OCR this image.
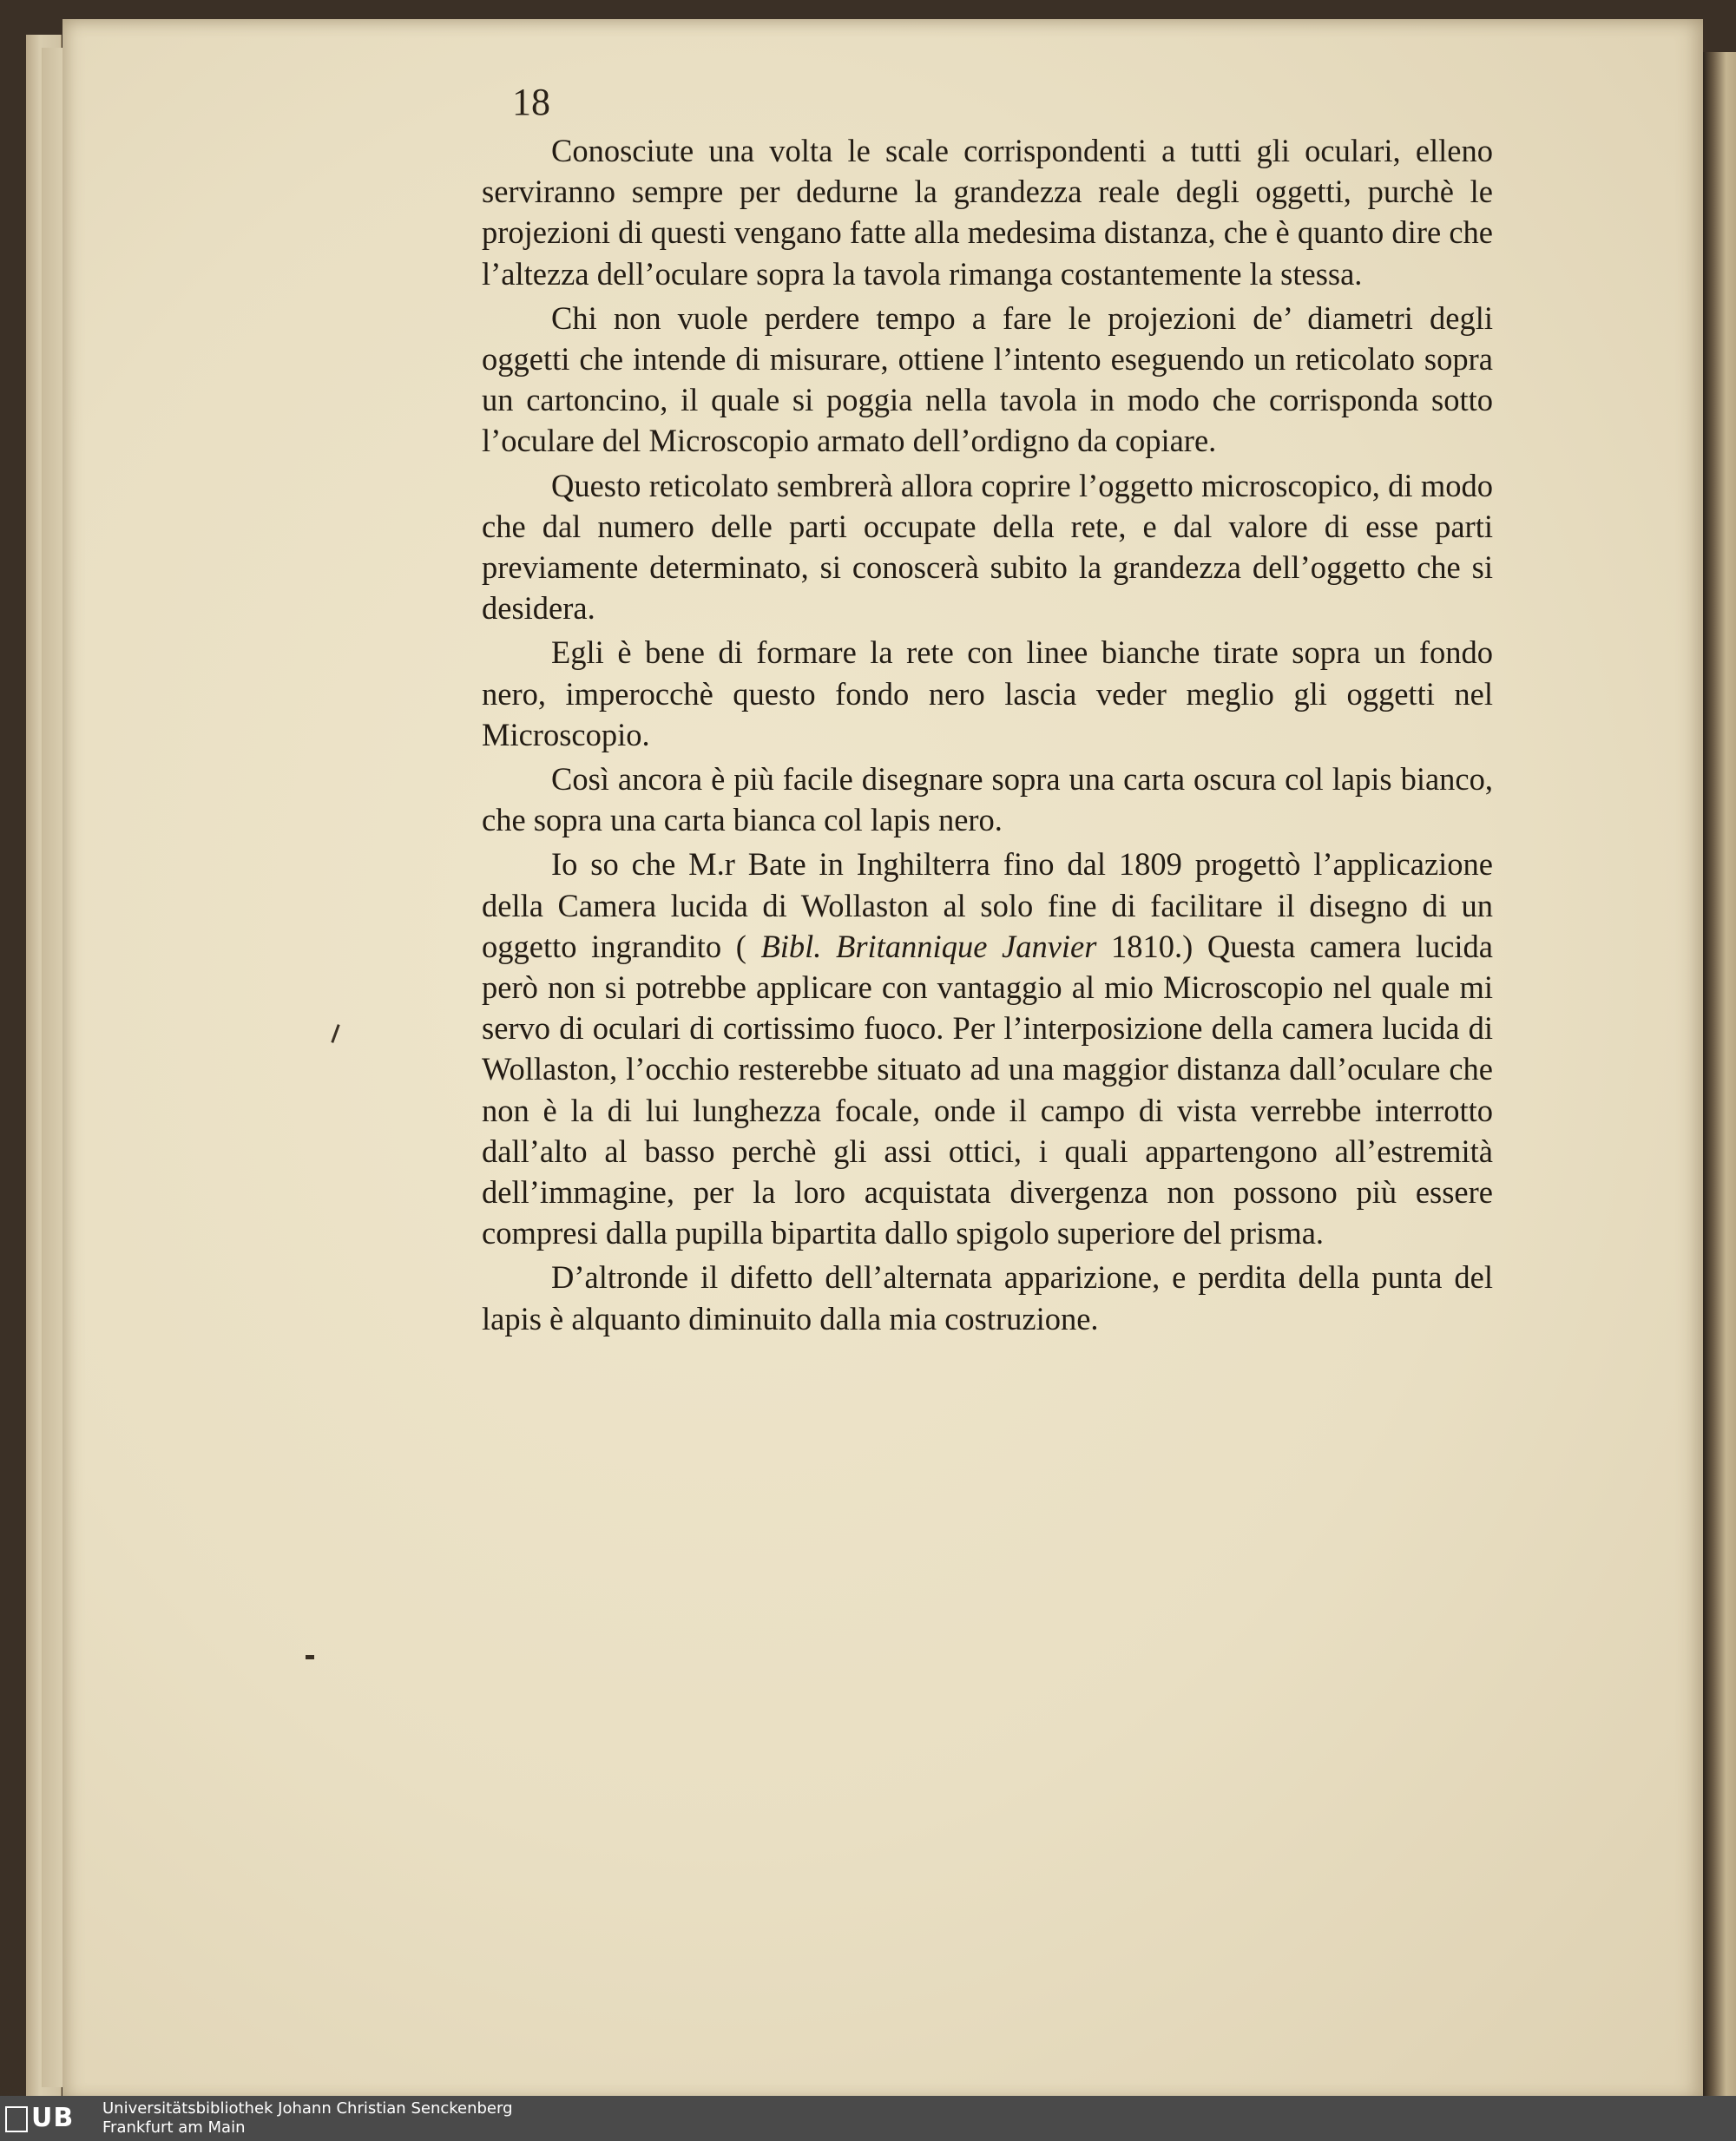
18

Conosciute una volta le scale corrispondenti a tutti gli oculari, elleno serviranno sempre per dedurne la grandezza reale degli oggetti, purchè le projezioni di questi vengano fatte alla medesima distanza, che è quanto dire che l’altezza dell’oculare sopra la tavola rimanga costantemente la stessa.

Chi non vuole perdere tempo a fare le projezioni de’ diametri degli oggetti che intende di misurare, ottiene l’intento eseguendo un reticolato sopra un cartoncino, il quale si poggia nella tavola in modo che corrisponda sotto l’oculare del Microscopio armato dell’ordigno da copiare.

Questo reticolato sembrerà allora coprire l’oggetto microscopico, di modo che dal numero delle parti occupate della rete, e dal valore di esse parti previamente determinato, si conoscerà subito la grandezza dell’oggetto che si desidera.

Egli è bene di formare la rete con linee bianche tirate sopra un fondo nero, imperocchè questo fondo nero lascia veder meglio gli oggetti nel Microscopio.

Così ancora è più facile disegnare sopra una carta oscura col lapis bianco, che sopra una carta bianca col lapis nero.

Io so che M.r Bate in Inghilterra fino dal 1809 progettò l’applicazione della Camera lucida di Wollaston al solo fine di facilitare il disegno di un oggetto ingrandito ( Bibl. Britannique Janvier 1810.) Questa camera lucida però non si potrebbe applicare con vantaggio al mio Microscopio nel quale mi servo di oculari di cortissimo fuoco. Per l’interposizione della camera lucida di Wollaston, l’occhio resterebbe situato ad una maggior distanza dall’oculare che non è la di lui lunghezza focale, onde il campo di vista verrebbe interrotto dall’alto al basso perchè gli assi ottici, i quali appartengono all’estremità dell’immagine, per la loro acquistata divergenza non possono più essere compresi dalla pupilla bipartita dallo spigolo superiore del prisma.

D’altronde il difetto dell’alternata apparizione, e perdita della punta del lapis è alquanto diminuito dalla mia costruzione.

UB	Universitätsbibliothek Johann Christian Senckenberg
Frankfurt am Main
